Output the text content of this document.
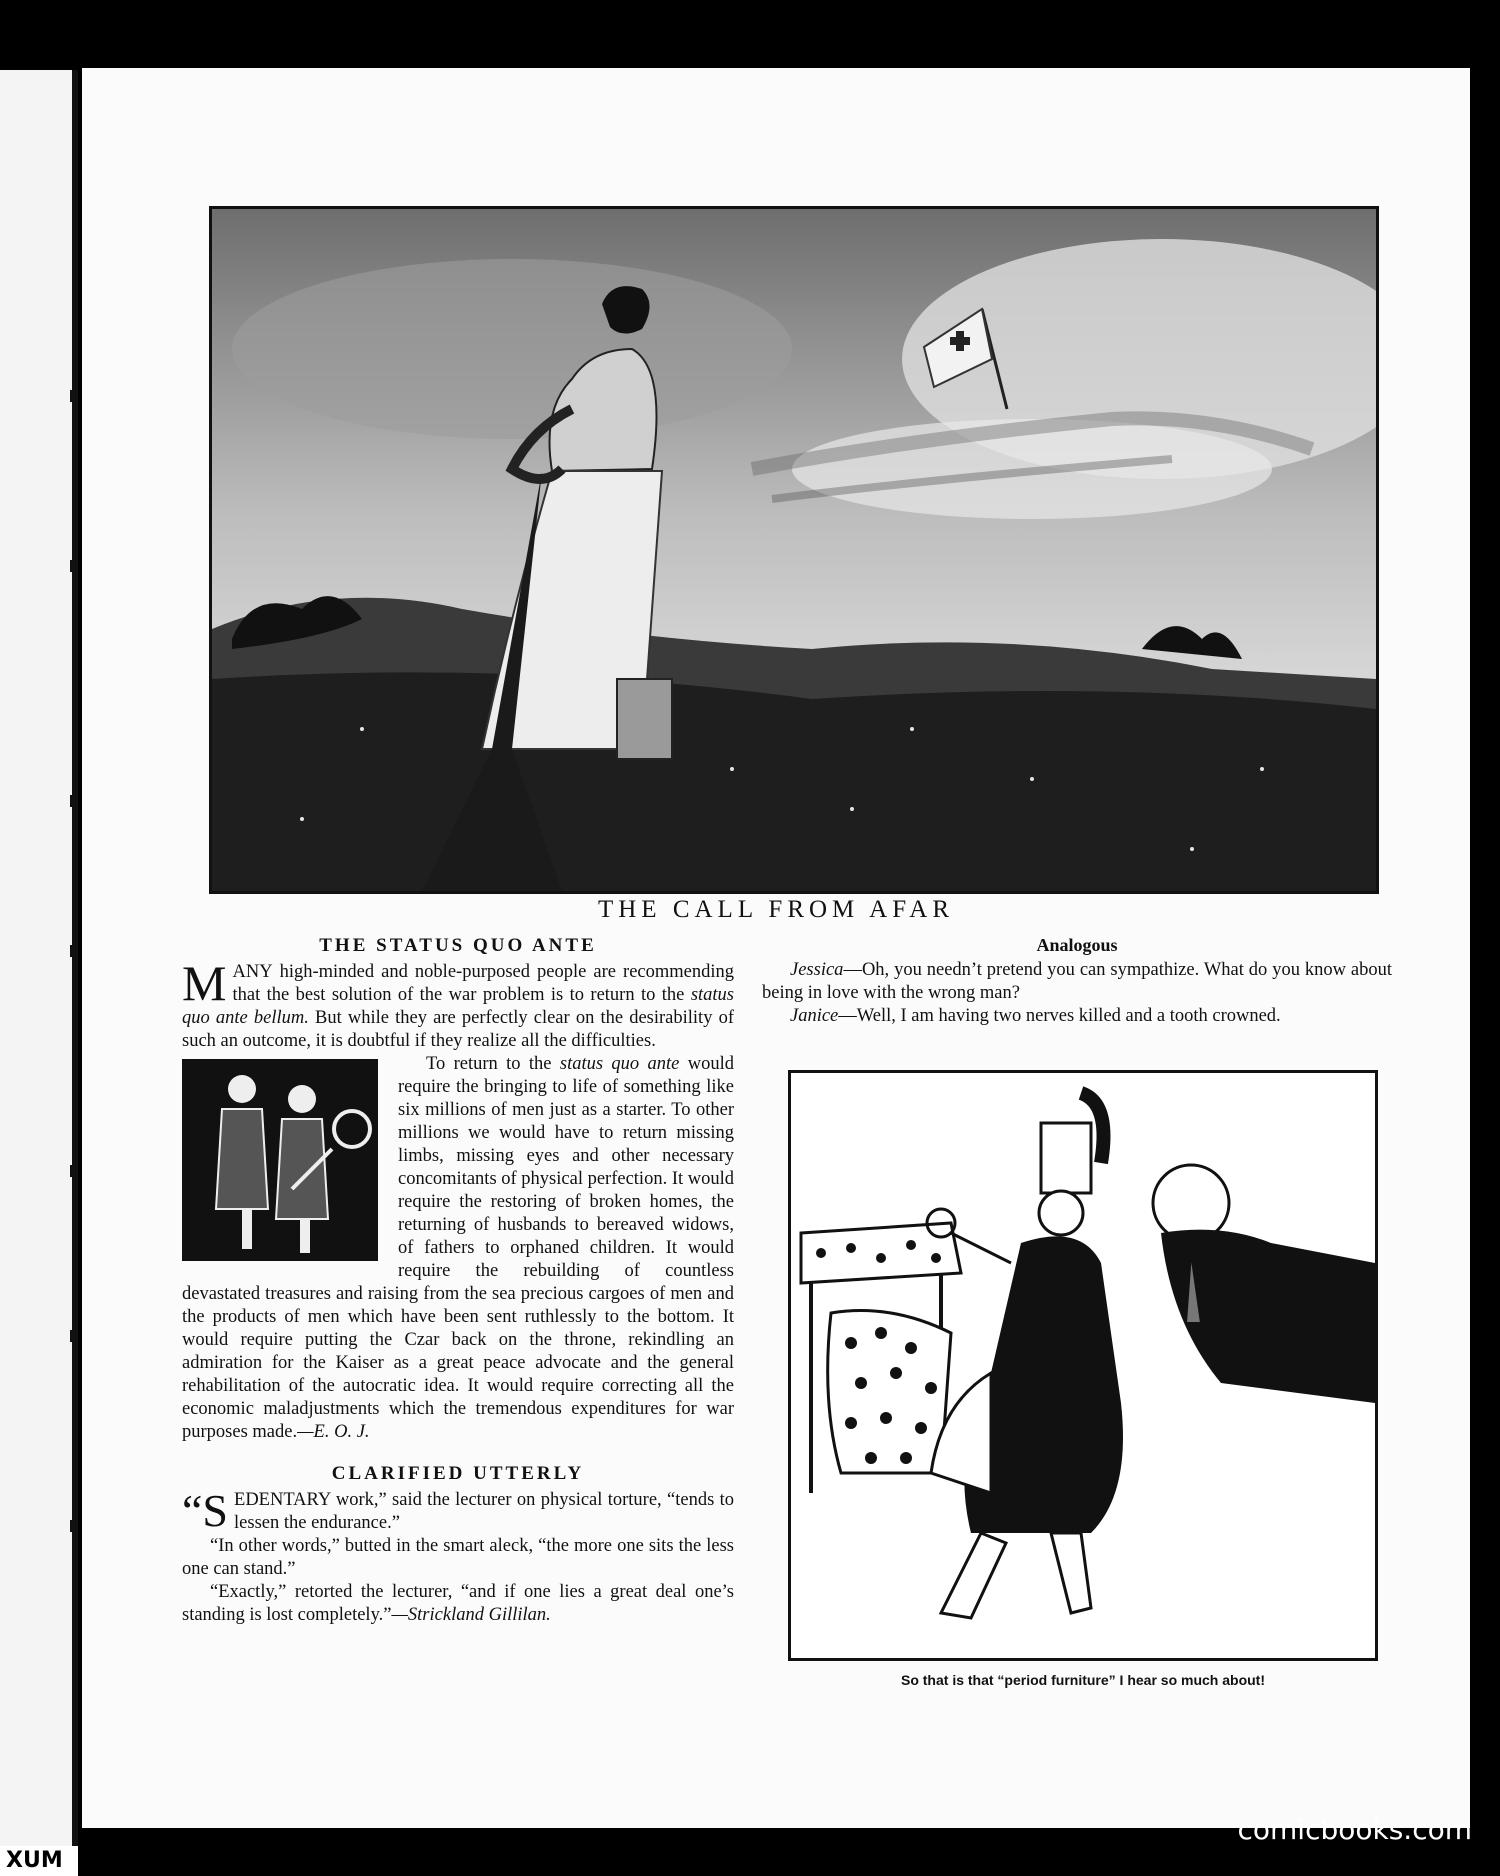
THE CALL FROM AFAR
THE STATUS QUO ANTE

MANY high-minded and noble-purposed people are recommending that the best solution of the war problem is to return to the status quo ante bellum. But while they are perfectly clear on the desirability of such an outcome, it is doubtful if they realize all the difficulties.

To return to the status quo ante would require the bringing to life of something like six millions of men just as a starter. To other millions we would have to return missing limbs, missing eyes and other necessary concomitants of physical perfection. It would require the restoring of broken homes, the returning of husbands to bereaved widows, of fathers to orphaned children. It would require the rebuilding of countless devastated treasures and raising from the sea precious cargoes of men and the products of men which have been sent ruthlessly to the bottom. It would require putting the Czar back on the throne, rekindling an admiration for the Kaiser as a great peace advocate and the general rehabilitation of the autocratic idea. It would require correcting all the economic maladjustments which the tremendous expenditures for war purposes made.—E. O. J.

CLARIFIED UTTERLY

“S EDENTARY work,” said the lecturer on physical torture, “tends to lessen the endurance.”

“In other words,” butted in the smart aleck, “the more one sits the less one can stand.”

“Exactly,” retorted the lecturer, “and if one lies a great deal one’s standing is lost completely.”—Strickland Gillilan.

Analogous

Jessica—Oh, you needn’t pretend you can sympathize. What do you know about being in love with the wrong man?

Janice—Well, I am having two nerves killed and a tooth crowned.

So that is that “period furniture” I hear so much about!
comicbooks.com
XUM
